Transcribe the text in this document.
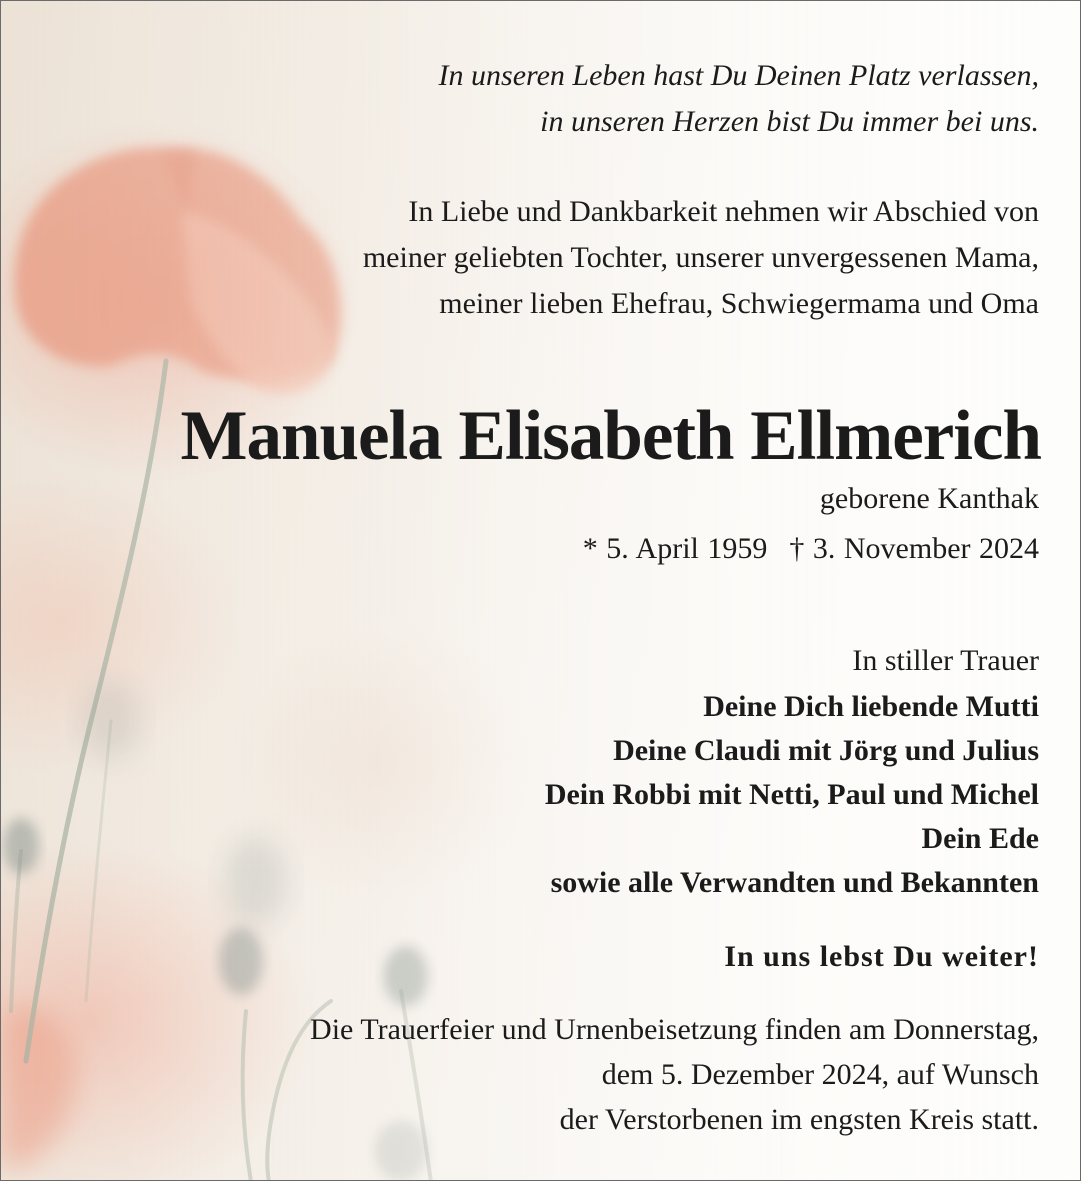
In unseren Leben hast Du Deinen Platz verlassen,
in unseren Herzen bist Du immer bei uns.
In Liebe und Dankbarkeit nehmen wir Abschied von
meiner geliebten Tochter, unserer unvergessenen Mama,
meiner lieben Ehefrau, Schwiegermama und Oma
Manuela Elisabeth Ellmerich
geborene Kanthak
* 5. April 1959 † 3. November 2024
In stiller Trauer
Deine Dich liebende Mutti
Deine Claudi mit Jörg und Julius
Dein Robbi mit Netti, Paul und Michel
Dein Ede
sowie alle Verwandten und Bekannten
In uns lebst Du weiter!
Die Trauerfeier und Urnenbeisetzung finden am Donnerstag,
dem 5. Dezember 2024, auf Wunsch
der Verstorbenen im engsten Kreis statt.
